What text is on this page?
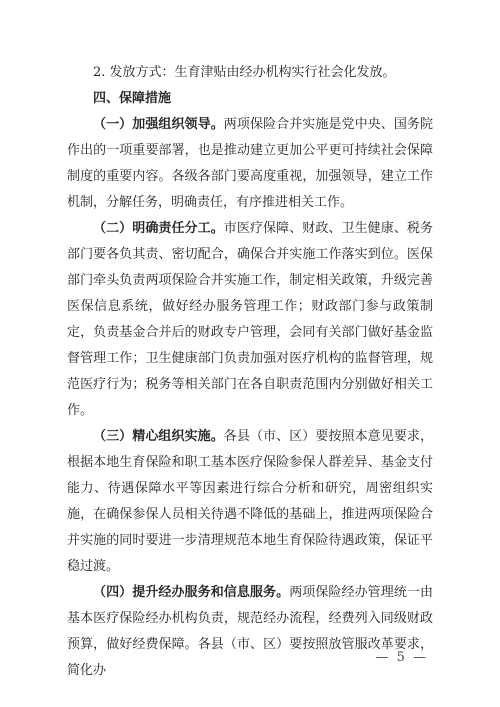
2. 发放方式：生育津贴由经办机构实行社会化发放。

四、保障措施

（一）加强组织领导。两项保险合并实施是党中央、国务院作出的一项重要部署，也是推动建立更加公平更可持续社会保障制度的重要内容。各级各部门要高度重视，加强领导，建立工作机制，分解任务，明确责任，有序推进相关工作。

（二）明确责任分工。市医疗保障、财政、卫生健康、税务部门要各负其责、密切配合，确保合并实施工作落实到位。医保部门牵头负责两项保险合并实施工作，制定相关政策，升级完善医保信息系统，做好经办服务管理工作；财政部门参与政策制定，负责基金合并后的财政专户管理，会同有关部门做好基金监督管理工作；卫生健康部门负责加强对医疗机构的监督管理，规范医疗行为；税务等相关部门在各自职责范围内分别做好相关工作。

（三）精心组织实施。各县（市、区）要按照本意见要求，根据本地生育保险和职工基本医疗保险参保人群差异、基金支付能力、待遇保障水平等因素进行综合分析和研究，周密组织实施，在确保参保人员相关待遇不降低的基础上，推进两项保险合并实施的同时要进一步清理规范本地生育保险待遇政策，保证平稳过渡。

（四）提升经办服务和信息服务。两项保险经办管理统一由基本医疗保险经办机构负责，规范经办流程，经费列入同级财政预算，做好经费保障。各县（市、区）要按照放管服改革要求，简化办

— 5 —
